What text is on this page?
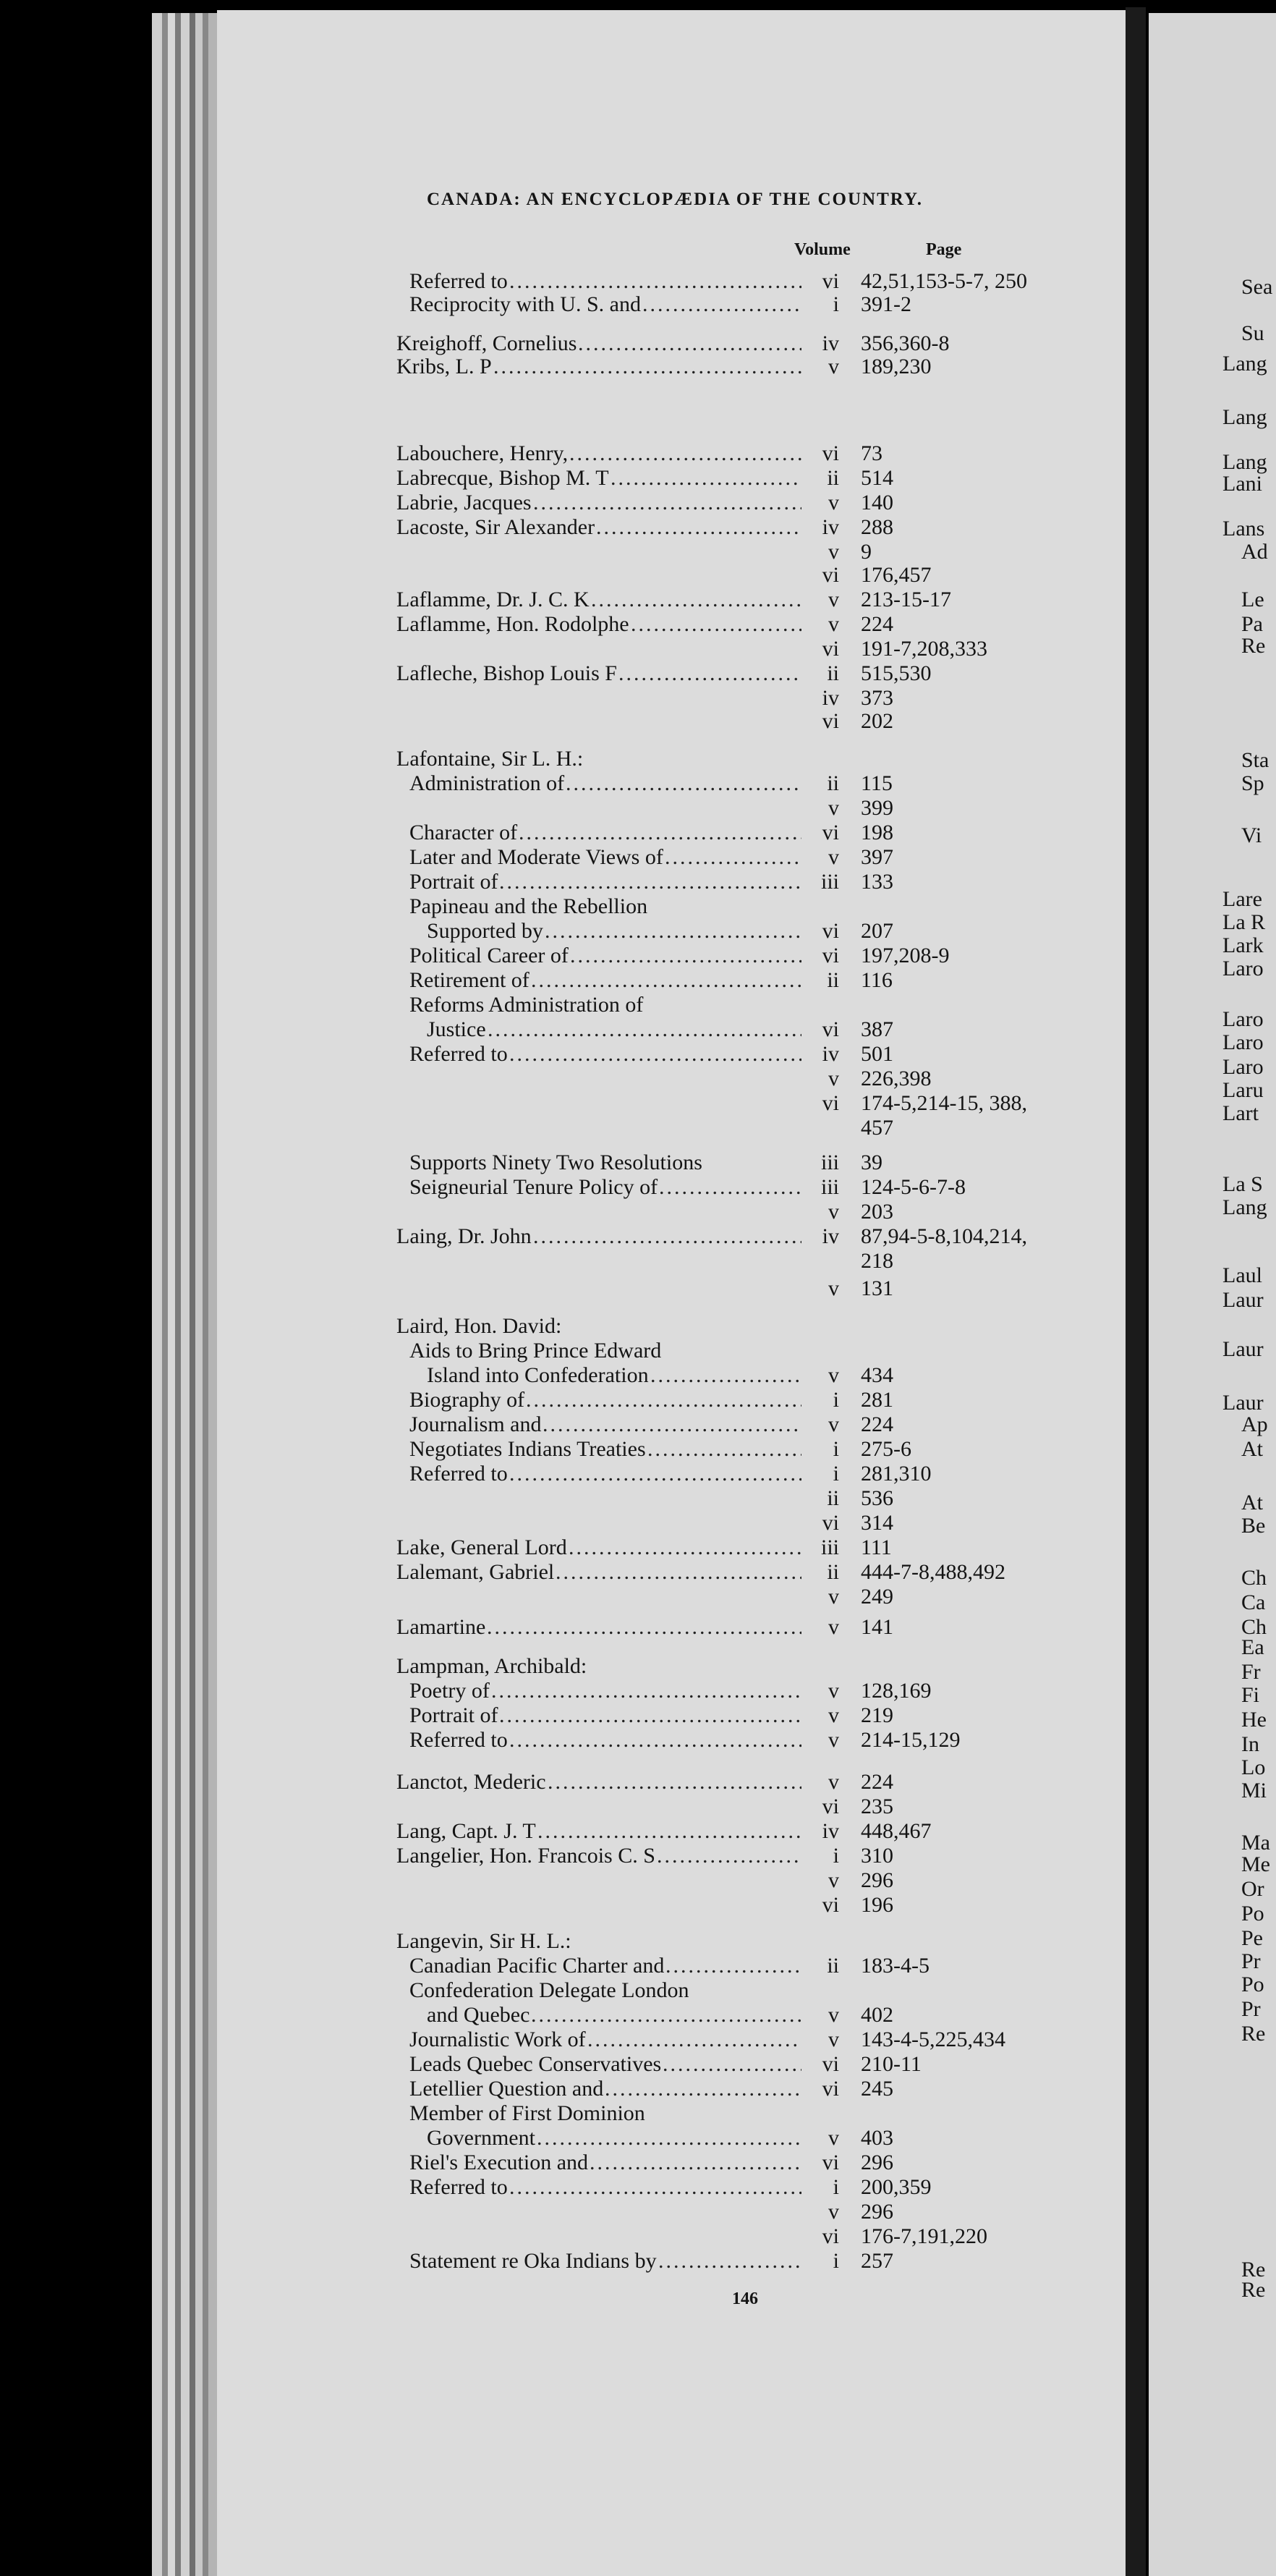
CANADA: AN ENCYCLOPÆDIA OF THE COUNTRY.
Volume	Page
Referred to .....	vi 42,51,153-5-7, 250
Reciprocity with U. S. and .....	i 391-2
Kreighoff, Cornelius .....	iv 356,360-8
Kribs, L. P .....	v 189,230
Labouchere, Henry, .....	vi 73
Labrecque, Bishop M. T .....	ii 514
Labrie, Jacques .....	v 140
Lacoste, Sir Alexander .....	iv 288
v 9
vi 176,457
Laflamme, Dr. J. C. K .....	v 213-15-17
Laflamme, Hon. Rodolphe .....	v 224
vi 191-7,208,333
Lafleche, Bishop Louis F .....	ii 515,530
iv 373
vi 202
Lafontaine, Sir L. H.:
Administration of .....	ii 115
v 399
Character of .....	vi 198
Later and Moderate Views of .....	v 397
Portrait of .....	iii 133
Papineau and the Rebellion
Supported by .....	vi 207
Political Career of .....	vi 197,208-9
Retirement of .....	ii 116
Reforms Administration of
Justice .....	vi 387
Referred to .....	iv 501
v 226,398
vi 174-5,214-15, 388,
457
Supports Ninety Two Resolutions	iii 39
Seigneurial Tenure Policy of .....	iii 124-5-6-7-8
v 203
Laing, Dr. John .....	iv 87,94-5-8,104,214,
218
v 131
Laird, Hon. David:
Aids to Bring Prince Edward
Island into Confederation .....	v 434
Biography of .....	i 281
Journalism and .....	v 224
Negotiates Indians Treaties .....	i 275-6
Referred to .....	i 281,310
ii 536
vi 314
Lake, General Lord .....	iii 111
Lalemant, Gabriel .....	ii 444-7-8,488,492
v 249
Lamartine .....	v 141
Lampman, Archibald:
Poetry of .....	v 128,169
Portrait of .....	v 219
Referred to .....	v 214-15,129
Lanctot, Mederic .....	v 224
vi 235
Lang, Capt. J. T .....	iv 448,467
Langelier, Hon. Francois C. S .....	i 310
v 296
vi 196
Langevin, Sir H. L.:
Canadian Pacific Charter and .....	ii 183-4-5
Confederation Delegate London
and Quebec .....	v 402
Journalistic Work of .....	v 143-4-5,225,434
Leads Quebec Conservatives .....	vi 210-11
Letellier Question and .....	vi 245
Member of First Dominion
Government .....	v 403
Riel's Execution and .....	vi 296
Referred to .....	i 200,359
v 296
vi 176-7,191,220
Statement re Oka Indians by .....	i 257
Sea
Su
Lang
Lang
Lang
Lani
Lans
Ad
Le
Pa
Re
Sta
Sp
Vi
Lare
La R
Lark
Laro
Laro
Laro
Laro
Laru
Lart
La S
Lang
Laul
Laur
Laur
Laur
Ap
At
At
Be
Ch
Ca
Ch
Ea
Fr
Fi
He
In
Lo
Mi
Ma
Me
Or
Po
Pe
Pr
Po
Pr
Re
Re
Re
146
